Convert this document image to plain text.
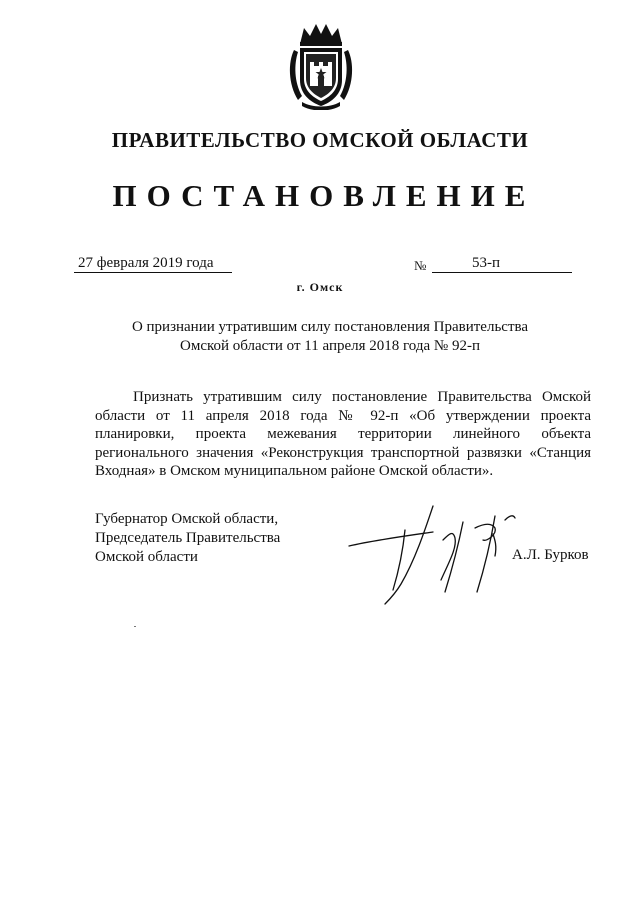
ПРАВИТЕЛЬСТВО ОМСКОЙ ОБЛАСТИ
ПОСТАНОВЛЕНИЕ
27 февраля 2019 года	№	53-п
г. Омск
О признании утратившим силу постановления Правительства
Омской области от 11 апреля 2018 года № 92-п
Признать утратившим силу постановление Правительства Омской области от 11 апреля 2018 года № 92-п «Об утверждении проекта планировки, проекта межевания территории линейного объекта регионального значения «Реконструкция транспортной развязки «Станция Входная» в Омском муниципальном районе Омской области».
Губернатор Омской области,
Председатель Правительства
Омской области	А.Л. Бурков
